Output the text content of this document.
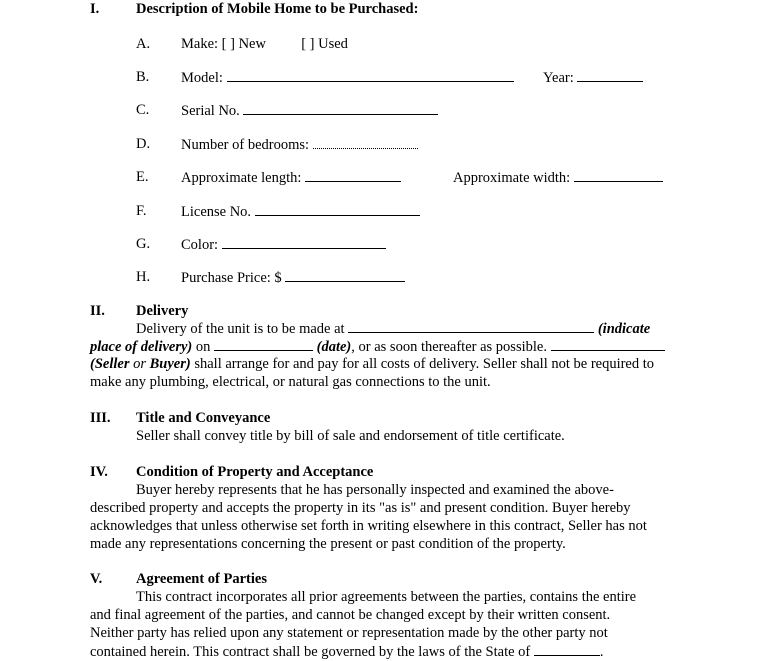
I.	Description of Mobile Home to be Purchased:
A. Make: [ ] New [ ] Used
B. Model:	Year:
C. Serial No.
D. Number of bedrooms:
E. Approximate length:	Approximate width:
F. License No.
G. Color:
H. Purchase Price: $
II. Delivery
Delivery of the unit is to be made at	(indicate
place of delivery) on	(date), or as soon thereafter as possible.
(Seller or Buyer) shall arrange for and pay for all costs of delivery. Seller shall not be required to
make any plumbing, electrical, or natural gas connections to the unit.
III. Title and Conveyance
Seller shall convey title by bill of sale and endorsement of title certificate.
IV. Condition of Property and Acceptance
Buyer hereby represents that he has personally inspected and examined the above-
described property and accepts the property in its "as is" and present condition. Buyer hereby
acknowledges that unless otherwise set forth in writing elsewhere in this contract, Seller has not
made any representations concerning the present or past condition of the property.
V. Agreement of Parties
This contract incorporates all prior agreements between the parties, contains the entire
and final agreement of the parties, and cannot be changed except by their written consent.
Neither party has relied upon any statement or representation made by the other party not
contained herein. This contract shall be governed by the laws of the State of	.
